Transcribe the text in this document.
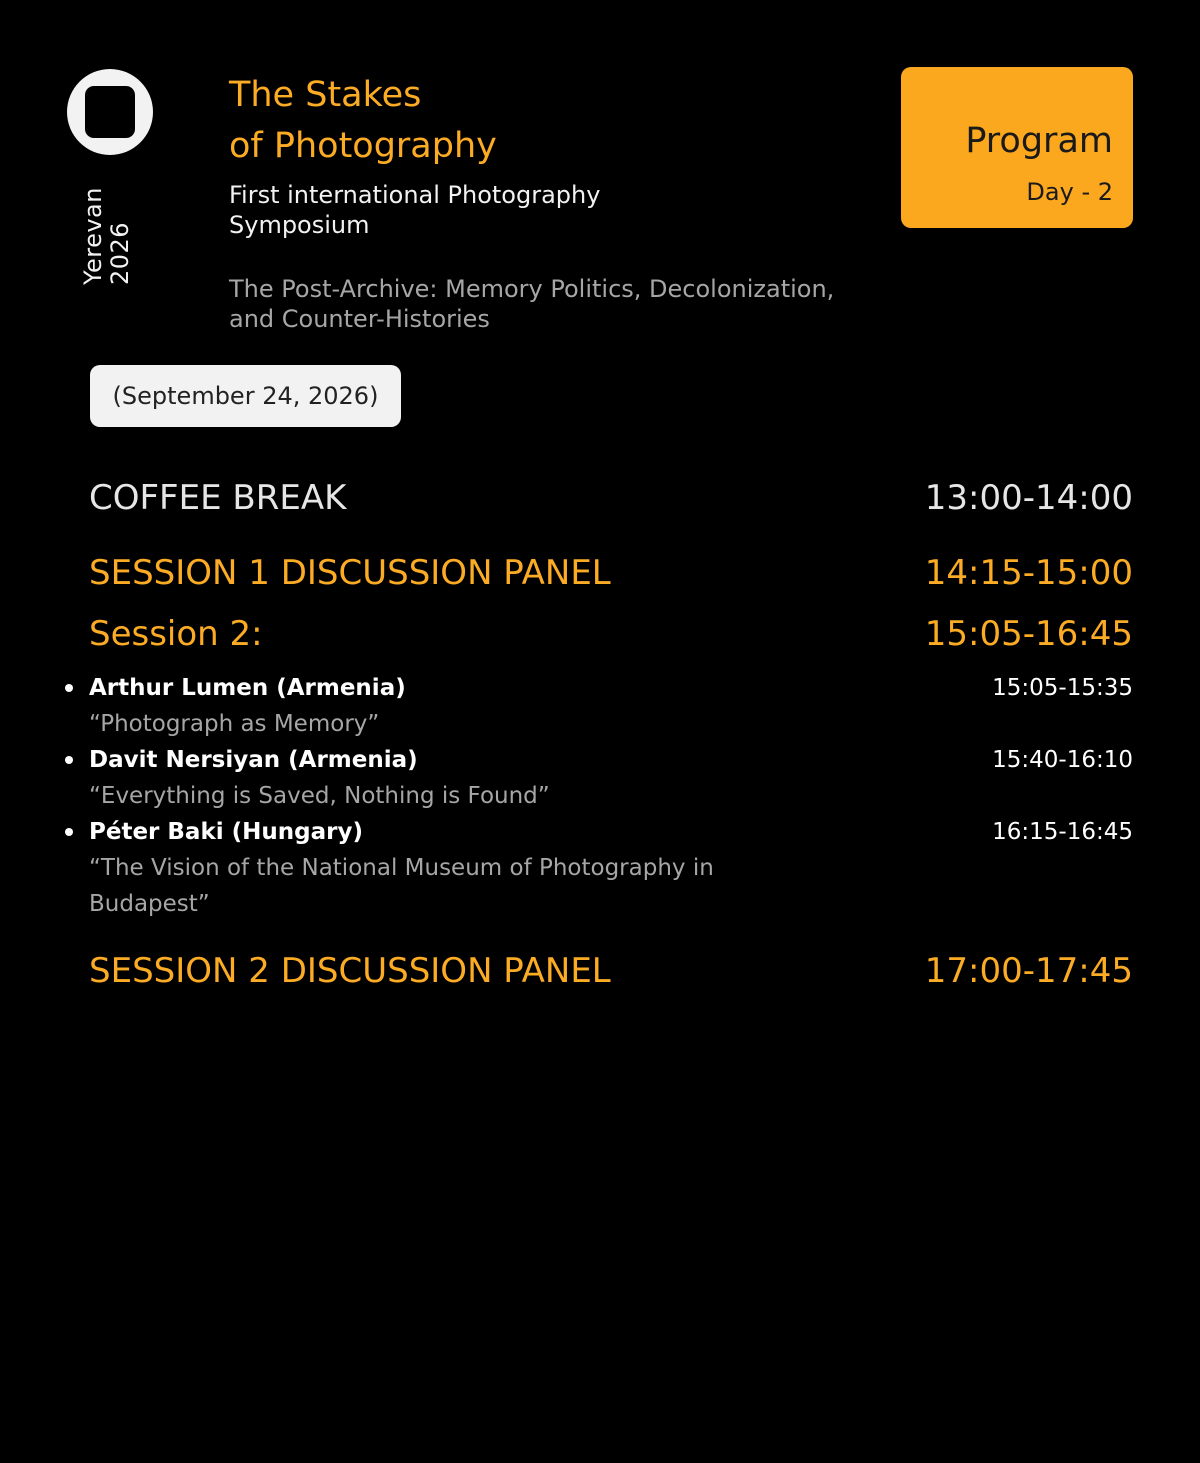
Yerevan 2026
The Stakes
of Photography
First international Photography Symposium
The Post-Archive: Memory Politics, Decolonization, and Counter-Histories
Program
Day - 2
(September 24, 2026)
COFFEE BREAK	13:00-14:00
SESSION 1 DISCUSSION PANEL	14:15-15:00
Session 2:	15:05-16:45
Arthur Lumen (Armenia)	15:05-15:35
“Photograph as Memory”
Davit Nersiyan (Armenia)	15:40-16:10
“Everything is Saved, Nothing is Found”
Péter Baki (Hungary)	16:15-16:45
“The Vision of the National Museum of Photography in Budapest”
SESSION 2 DISCUSSION PANEL	17:00-17:45
